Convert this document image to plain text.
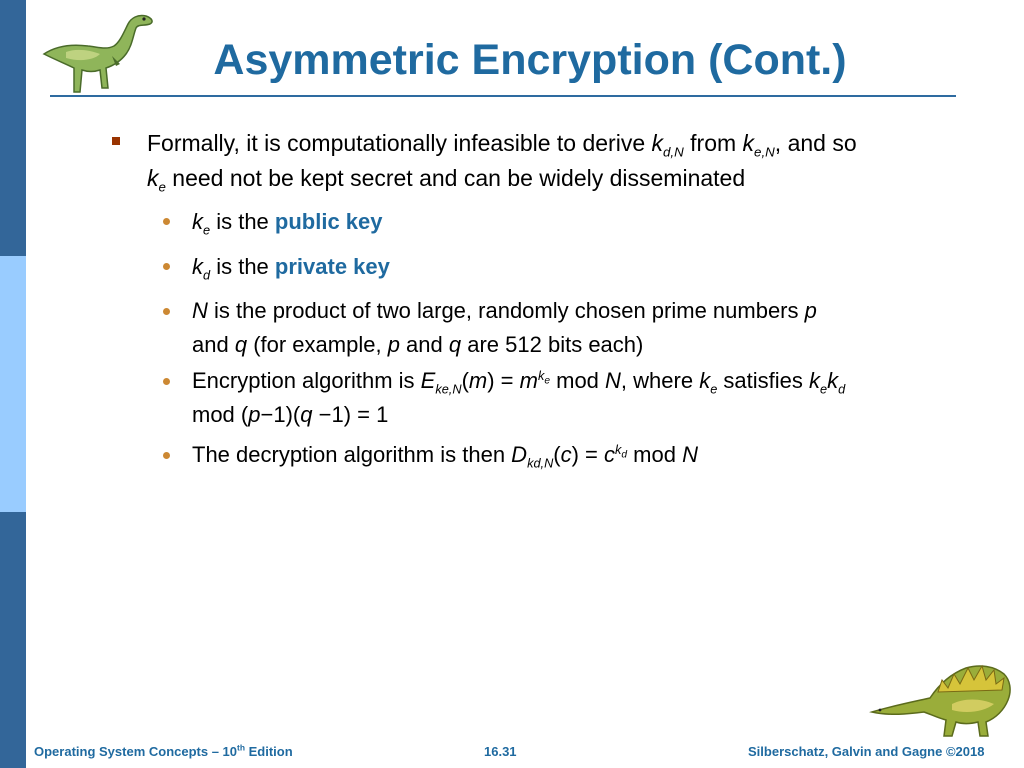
Asymmetric Encryption (Cont.)
Formally, it is computationally infeasible to derive $k_{d,N}$ from $k_{e,N}$, and so
$k_e$ need not be kept secret and can be widely disseminated
$k_e$ is the public key
$k_d$ is the private key
N is the product of two large, randomly chosen prime numbers p
and q (for example, p and q are 512 bits each)
Encryption algorithm is $E_{ke,N}(m) = m^{k_e}$ mod N, where $k_e$ satisfies $k_ek_d$
mod (p−1)(q −1) = 1
The decryption algorithm is then $D_{kd,N}(c) = c^{k_d}$ mod N
Operating System Concepts – 10th Edition	16.31	Silberschatz, Galvin and Gagne ©2018
